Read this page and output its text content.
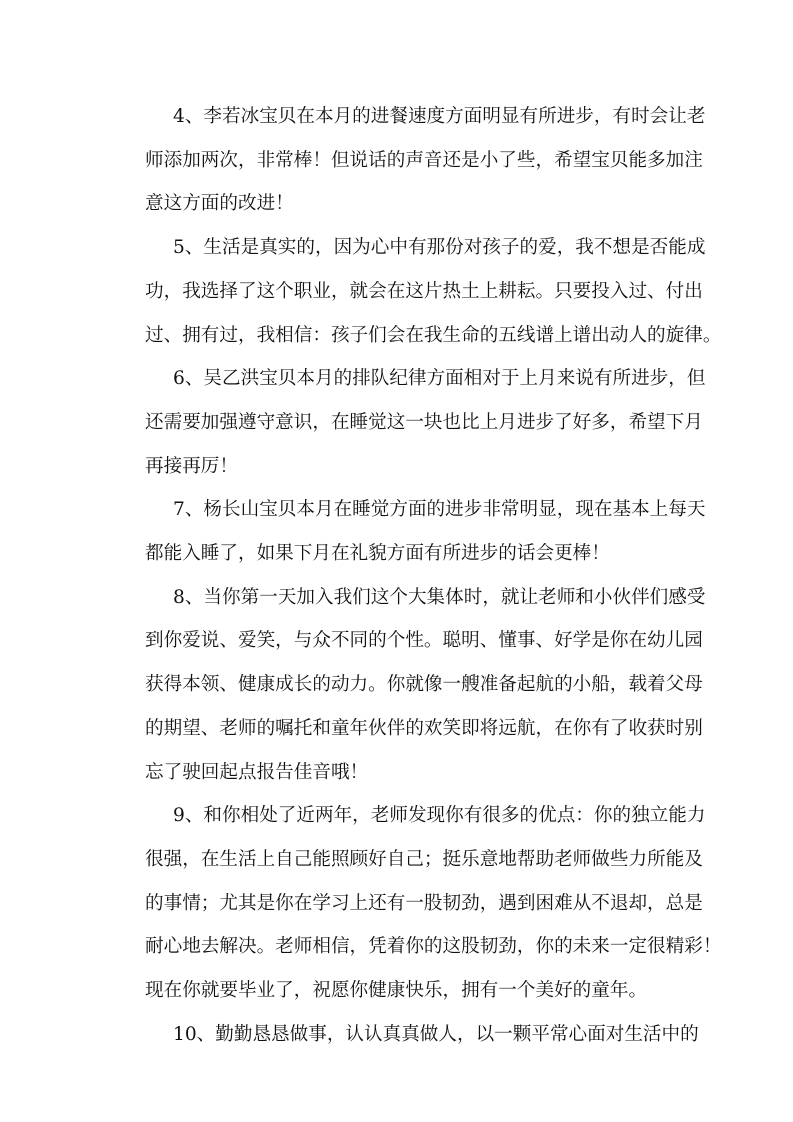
4、李若冰宝贝在本月的进餐速度方面明显有所进步，有时会让老
师添加两次，非常棒！但说话的声音还是小了些，希望宝贝能多加注
意这方面的改进！
5、生活是真实的，因为心中有那份对孩子的爱，我不想是否能成
功，我选择了这个职业，就会在这片热土上耕耘。只要投入过、付出
过、拥有过，我相信：孩子们会在我生命的五线谱上谱出动人的旋律。
6、吴乙洪宝贝本月的排队纪律方面相对于上月来说有所进步，但
还需要加强遵守意识，在睡觉这一块也比上月进步了好多，希望下月
再接再厉！
7、杨长山宝贝本月在睡觉方面的进步非常明显，现在基本上每天
都能入睡了，如果下月在礼貌方面有所进步的话会更棒！
8、当你第一天加入我们这个大集体时，就让老师和小伙伴们感受
到你爱说、爱笑，与众不同的个性。聪明、懂事、好学是你在幼儿园
获得本领、健康成长的动力。你就像一艘准备起航的小船，载着父母
的期望、老师的嘱托和童年伙伴的欢笑即将远航，在你有了收获时别
忘了驶回起点报告佳音哦！
9、和你相处了近两年，老师发现你有很多的优点：你的独立能力
很强，在生活上自己能照顾好自己；挺乐意地帮助老师做些力所能及
的事情；尤其是你在学习上还有一股韧劲，遇到困难从不退却，总是
耐心地去解决。老师相信，凭着你的这股韧劲，你的未来一定很精彩！
现在你就要毕业了，祝愿你健康快乐，拥有一个美好的童年。
10、勤勤恳恳做事，认认真真做人，以一颗平常心面对生活中的
